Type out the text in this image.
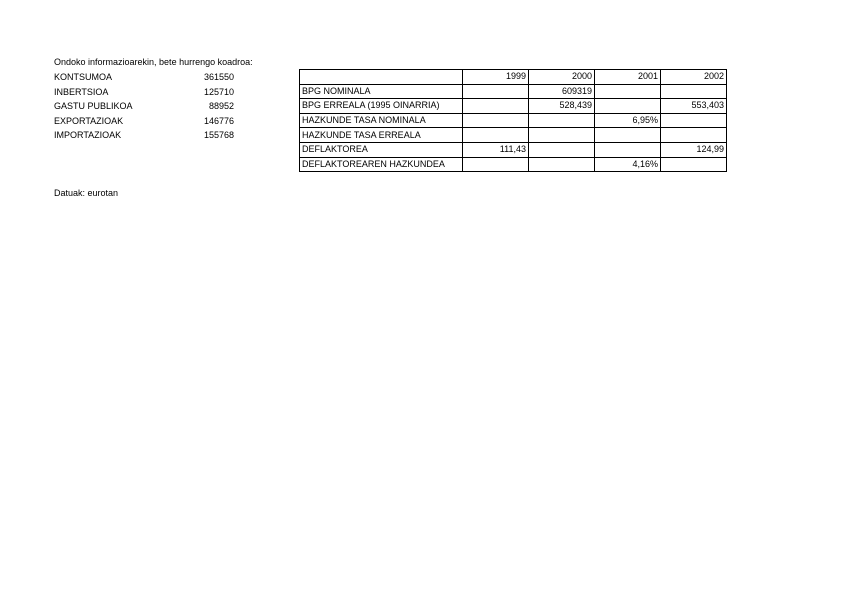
Ondoko informazioarekin, bete hurrengo koadroa:
KONTSUMOA	361550
INBERTSIOA	125710
GASTU PUBLIKOA	88952
EXPORTAZIOAK	146776
IMPORTAZIOAK	155768
	1999	2000	2001	2002
BPG NOMINALA		609319		
BPG ERREALA (1995 OINARRIA)		528,439		553,403
HAZKUNDE TASA NOMINALA			6,95%	
HAZKUNDE TASA ERREALA				
DEFLAKTOREA	111,43			124,99
DEFLAKTOREAREN HAZKUNDEA			4,16%	
Datuak: eurotan
